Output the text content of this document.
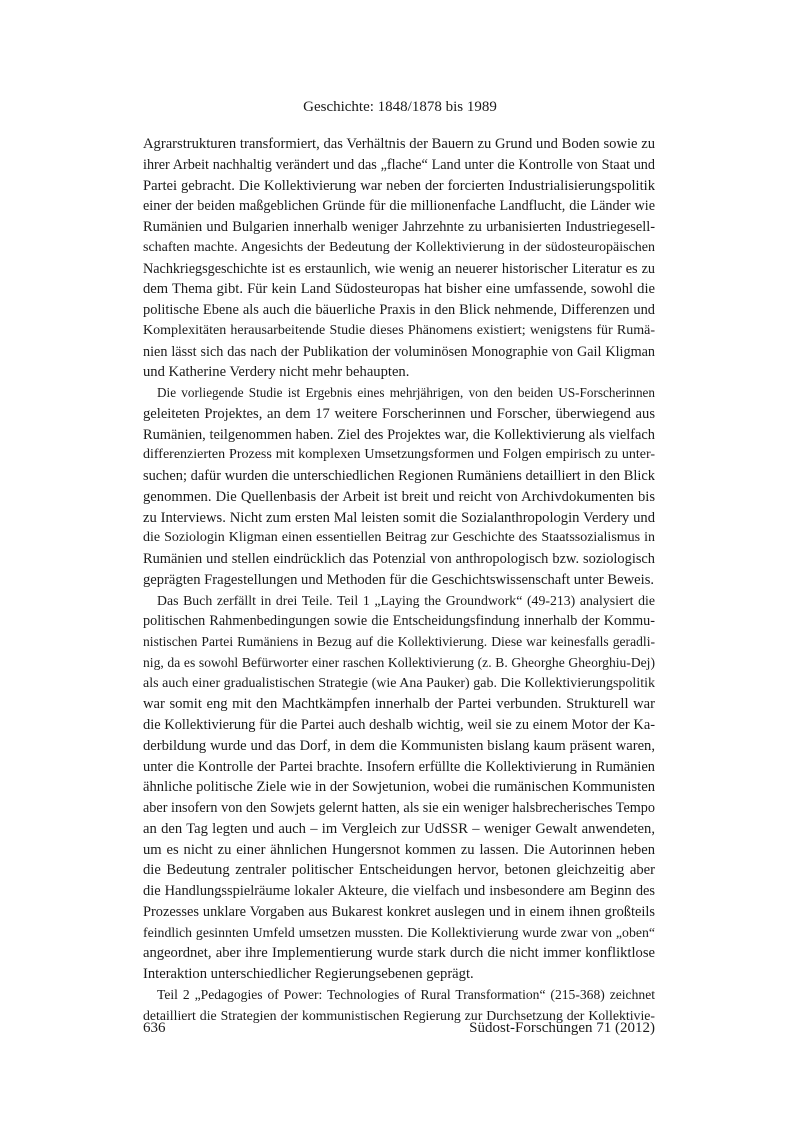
Geschichte: 1848/1878 bis 1989

Agrarstrukturen transformiert, das Verhältnis der Bauern zu Grund und Boden sowie zu
ihrer Arbeit nachhaltig verändert und das „flache“ Land unter die Kontrolle von Staat und
Partei gebracht. Die Kollektivierung war neben der forcierten Industrialisierungspolitik
einer der beiden maßgeblichen Gründe für die millionenfache Landflucht, die Länder wie
Rumänien und Bulgarien innerhalb weniger Jahrzehnte zu urbanisierten Industriegesell-
schaften machte. Angesichts der Bedeutung der Kollektivierung in der südosteuropäischen
Nachkriegsgeschichte ist es erstaunlich, wie wenig an neuerer historischer Literatur es zu
dem Thema gibt. Für kein Land Südosteuropas hat bisher eine umfassende, sowohl die
politische Ebene als auch die bäuerliche Praxis in den Blick nehmende, Differenzen und
Komplexitäten herausarbeitende Studie dieses Phänomens existiert; wenigstens für Rumä-
nien lässt sich das nach der Publikation der voluminösen Monographie von Gail Kligman
und Katherine Verdery nicht mehr behaupten.

Die vorliegende Studie ist Ergebnis eines mehrjährigen, von den beiden US-Forscherinnen
geleiteten Projektes, an dem 17 weitere Forscherinnen und Forscher, überwiegend aus
Rumänien, teilgenommen haben. Ziel des Projektes war, die Kollektivierung als vielfach
differenzierten Prozess mit komplexen Umsetzungsformen und Folgen empirisch zu unter-
suchen; dafür wurden die unterschiedlichen Regionen Rumäniens detailliert in den Blick
genommen. Die Quellenbasis der Arbeit ist breit und reicht von Archivdokumenten bis
zu Interviews. Nicht zum ersten Mal leisten somit die Sozialanthropologin Verdery und
die Soziologin Kligman einen essentiellen Beitrag zur Geschichte des Staatssozialismus in
Rumänien und stellen eindrücklich das Potenzial von anthropologisch bzw. soziologisch
geprägten Fragestellungen und Methoden für die Geschichtswissenschaft unter Beweis.

Das Buch zerfällt in drei Teile. Teil 1 „Laying the Groundwork“ (49-213) analysiert die
politischen Rahmenbedingungen sowie die Entscheidungsfindung innerhalb der Kommu-
nistischen Partei Rumäniens in Bezug auf die Kollektivierung. Diese war keinesfalls geradli-
nig, da es sowohl Befürworter einer raschen Kollektivierung (z. B. Gheorghe Gheorghiu-Dej)
als auch einer gradualistischen Strategie (wie Ana Pauker) gab. Die Kollektivierungspolitik
war somit eng mit den Machtkämpfen innerhalb der Partei verbunden. Strukturell war
die Kollektivierung für die Partei auch deshalb wichtig, weil sie zu einem Motor der Ka-
derbildung wurde und das Dorf, in dem die Kommunisten bislang kaum präsent waren,
unter die Kontrolle der Partei brachte. Insofern erfüllte die Kollektivierung in Rumänien
ähnliche politische Ziele wie in der Sowjetunion, wobei die rumänischen Kommunisten
aber insofern von den Sowjets gelernt hatten, als sie ein weniger halsbrecherisches Tempo
an den Tag legten und auch – im Vergleich zur UdSSR – weniger Gewalt anwendeten,
um es nicht zu einer ähnlichen Hungersnot kommen zu lassen. Die Autorinnen heben
die Bedeutung zentraler politischer Entscheidungen hervor, betonen gleichzeitig aber
die Handlungsspielräume lokaler Akteure, die vielfach und insbesondere am Beginn des
Prozesses unklare Vorgaben aus Bukarest konkret auslegen und in einem ihnen großteils
feindlich gesinnten Umfeld umsetzen mussten. Die Kollektivierung wurde zwar von „oben“
angeordnet, aber ihre Implementierung wurde stark durch die nicht immer konfliktlose
Interaktion unterschiedlicher Regierungsebenen geprägt.

Teil 2 „Pedagogies of Power: Technologies of Rural Transformation“ (215-368) zeichnet
detailliert die Strategien der kommunistischen Regierung zur Durchsetzung der Kollektivie-

636	Südost-Forschungen 71 (2012)
